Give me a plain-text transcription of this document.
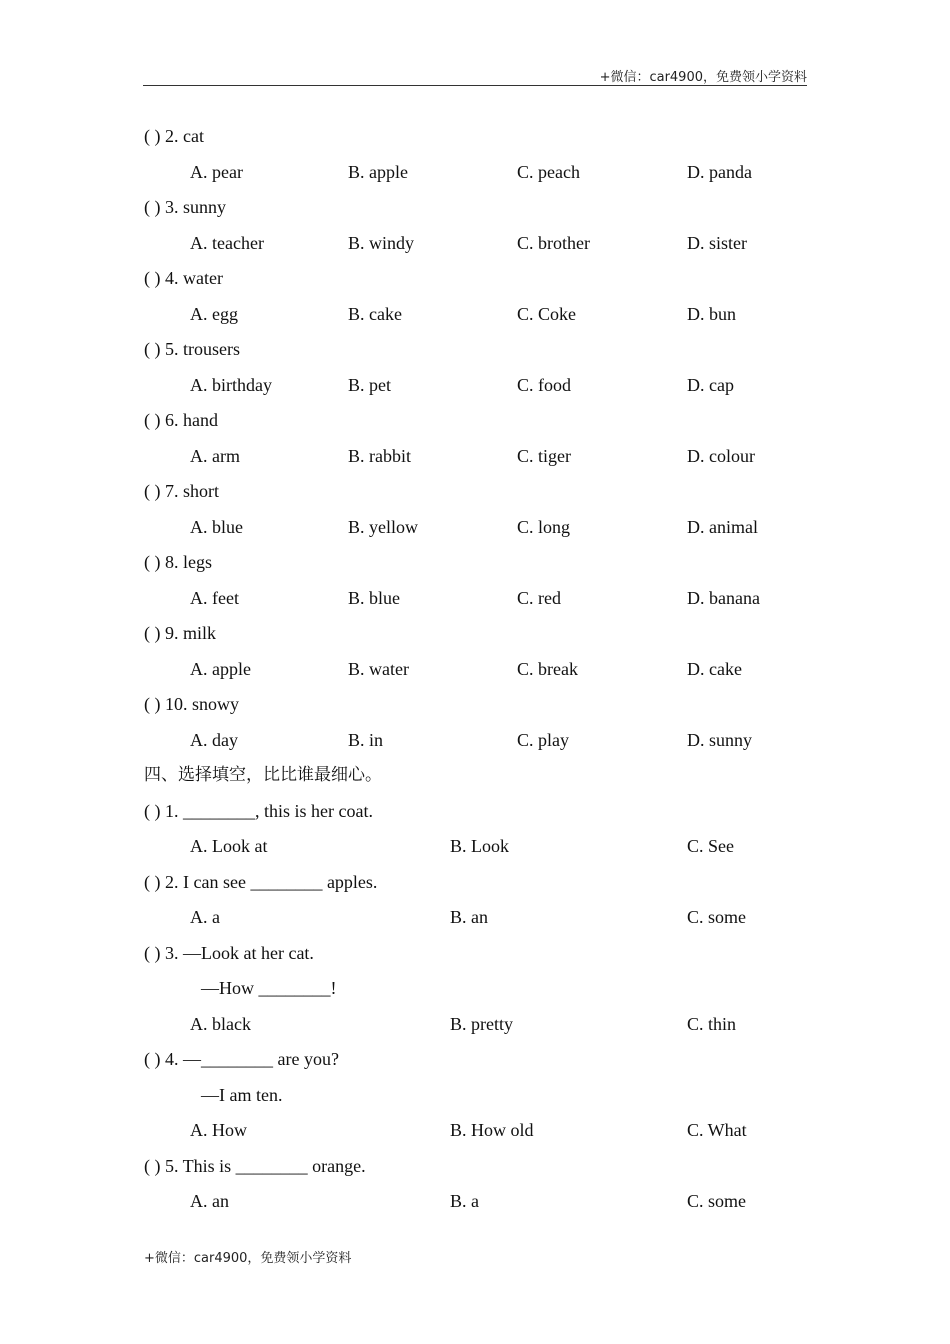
+微信：car4900，免费领小学资料
( ) 2. cat
A. pear	B. apple	C. peach	D. panda
( ) 3. sunny
A. teacher	B. windy	C. brother	D. sister
( ) 4. water
A. egg	B. cake	C. Coke	D. bun
( ) 5. trousers
A. birthday	B. pet	C. food	D. cap
( ) 6. hand
A. arm	B. rabbit	C. tiger	D. colour
( ) 7. short
A. blue	B. yellow	C. long	D. animal
( ) 8. legs
A. feet	B. blue	C. red	D. banana
( ) 9. milk
A. apple	B. water	C. break	D. cake
( ) 10. snowy
A. day	B. in	C. play	D. sunny
四、选择填空，比比谁最细心。
( ) 1. ________, this is her coat.
A. Look at	B. Look	C. See
( ) 2. I can see ________ apples.
A. a	B. an	C. some
( ) 3. —Look at her cat.
—How ________!
A. black	B. pretty	C. thin
( ) 4. —________ are you?
—I am ten.
A. How	B. How old	C. What
( ) 5. This is ________ orange.
A. an	B. a	C. some
+微信：car4900，免费领小学资料
